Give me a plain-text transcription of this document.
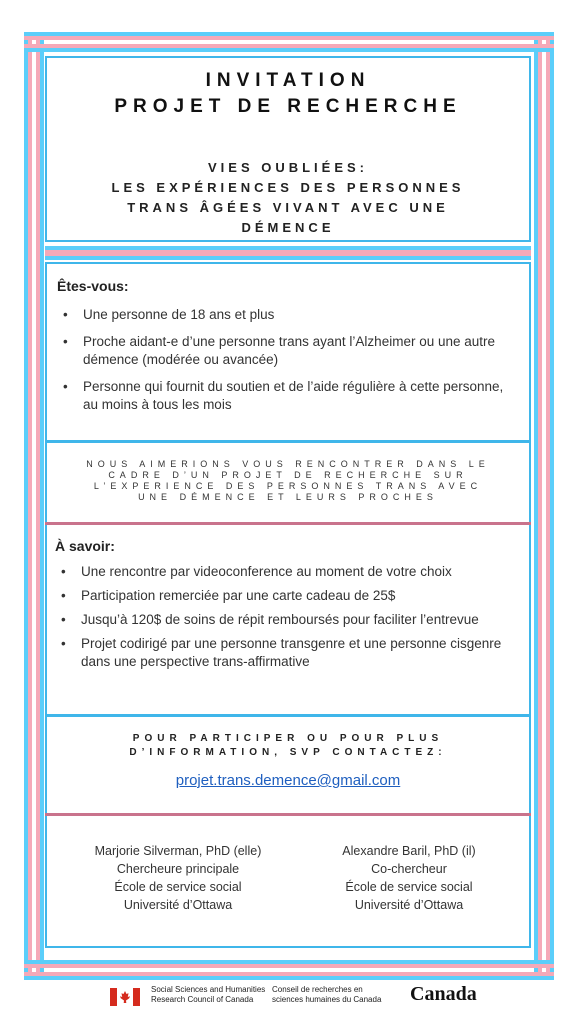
INVITATION
PROJET DE RECHERCHE
VIES OUBLIÉES:
LES EXPÉRIENCES DES PERSONNES
TRANS ÂGÉES VIVANT AVEC UNE
DÉMENCE
Êtes-vous:
• Une personne de 18 ans et plus
• Proche aidant-e d’une personne trans ayant l’Alzheimer ou une autre démence (modérée ou avancée)
• Personne qui fournit du soutien et de l’aide régulière à cette personne, au moins à tous les mois
NOUS AIMERIONS VOUS RENCONTRER DANS LE
CADRE D’UN PROJET DE RECHERCHE SUR
L’EXPERIENCE DES PERSONNES TRANS AVEC
UNE DÉMENCE ET LEURS PROCHES
À savoir:
• Une rencontre par videoconference au moment de votre choix
• Participation remerciée par une carte cadeau de 25$
• Jusqu’à 120$ de soins de répit remboursés pour faciliter l’entrevue
• Projet codirigé par une personne transgenre et une personne cisgenre dans une perspective trans-affirmative
POUR PARTICIPER OU POUR PLUS
D’INFORMATION, SVP CONTACTEZ:
projet.trans.demence@gmail.com
Marjorie Silverman, PhD (elle)
Chercheure principale
École de service social
Université d’Ottawa
Alexandre Baril, PhD (il)
Co-chercheur
École de service social
Université d’Ottawa
Social Sciences and Humanities
Research Council of Canada
Conseil de recherches en
sciences humaines du Canada Canada
